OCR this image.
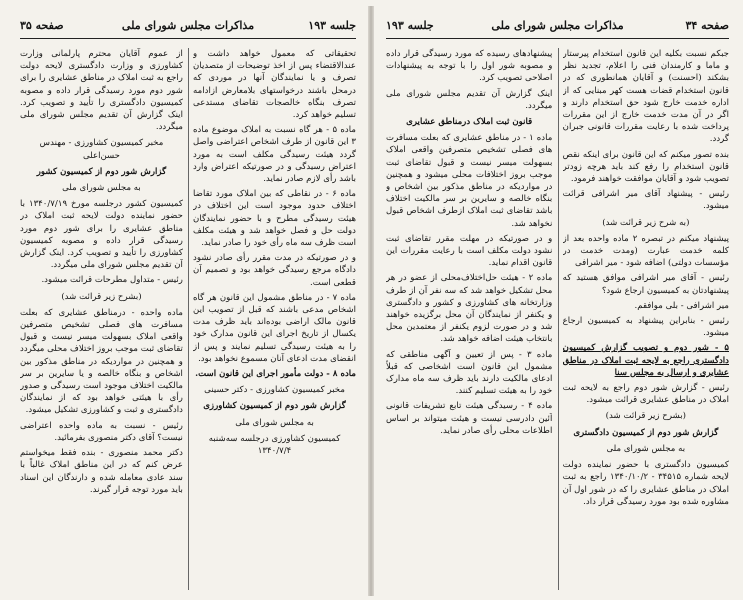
جلسه ۱۹۳
مذاکرات مجلس شورای ملی
صفحه ۳۵

تحقیقاتی که معمول خواهد داشت و عندالاقتضاء پس از اخذ توضیحات از متصدیان تصرف و یا نمایندگان آنها در موردی که درمحل باشند درخواستهای بلامعارض ازادامه تصرف بنگاه خالصجات تقاضای مستدعی تسلیم خواهد کرد.

ماده ۵ - هر گاه نسبت به املاک موضوع ماده ۳ این قانون از طرف اشخاص اعتراضی واصل گردد هیئت رسیدگی مکلف است به مورد اعتراض رسیدگی و در صورتیکه اعتراض وارد باشد رأی لازم صادر نماید.

ماده ۶ - در نقاطی که بین املاک مورد تقاضا اختلاف حدود موجود است این اختلاف در هیئت رسیدگی مطرح و با حضور نمایندگان دولت حل و فصل خواهد شد و هیئت مکلف است ظرف سه ماه رأی خود را صادر نماید.

و در صورتیکه در مدت مقرر رأی صادر نشود دادگاه مرجع رسیدگی خواهد بود و تصمیم آن قطعی است.

ماده ۷ - در مناطق مشمول این قانون هر گاه اشخاص مدعی باشند که قبل از تصویب این قانون مالک اراضی بوده‌اند باید ظرف مدت یکسال از تاریخ اجرای این قانون مدارک خود را به هیئت رسیدگی تسلیم نمایند و پس از انقضای مدت ادعای آنان مسموع نخواهد بود.

ماده ۸ - دولت مأمور اجرای این قانون است.

مخبر کمیسیون کشاورزی - دکتر حسینی

گزارش شور دوم از کمیسیون کشاورزی

به مجلس شورای ملی

کمیسیون کشاورزی درجلسه سه‌شنبه ۱۳۴۰/۷/۴

از عموم آقایان محترم پارلمانی وزارت کشاورزی و وزارت دادگستری لایحه دولت راجع به ثبت املاک در مناطق عشایری را برای شور دوم مورد رسیدگی قرار داده و مصوبه کمیسیون دادگستری را تأیید و تصویب کرد. اینک گزارش آن تقدیم مجلس شورای ملی میگردد.

مخبر کمیسیون کشاورزی - مهندس حسن‌اعلی

گزارش شور دوم از کمیسیون کشور

به مجلس شورای ملی

کمیسیون کشور درجلسه مورخ ۱۳۴۰/۷/۱۹ با حضور نماینده دولت لایحه ثبت املاک در مناطق عشایری را برای شور دوم مورد رسیدگی قرار داده و مصوبه کمیسیون کشاورزی را تأیید و تصویب کرد. اینک گزارش آن تقدیم مجلس شورای ملی میگردد.

رئیس - متداول مطرحات قرائت میشود.

(بشرح زیر قرائت شد)

ماده واحده - درمناطق عشایری که بعلت مسافرت های فصلی تشخیص متصرفین واقعی املاک بسهولت میسر نیست و قبول تقاضای ثبت موجب بروز اختلاف محلی میگردد و همچنین در مواردیکه در مناطق مذکور بین اشخاص و بنگاه خالصه و یا سایرین بر سر مالکیت اختلاف موجود است رسیدگی و صدور رأی با هیئتی خواهد بود که از نمایندگان دادگستری و ثبت و کشاورزی تشکیل میشود.

رئیس - نسبت به ماده واحده اعتراضی نیست؟ آقای دکتر منصوری بفرمائید.

دکتر محمد منصوری - بنده فقط میخواستم عرض کنم که در این مناطق املاک غالباً با سند عادی معامله شده و دارندگان این اسناد باید مورد توجه قرار گیرند.

صفحه ۳۴
مذاکرات مجلس شورای ملی
جلسه ۱۹۳

جبکم نسبت بکلیه این قانون استخدام پیرستار و ماما و کارمندان فنی را اعلام، تجدید نظر بشکند (احسنت) و آقایان همانطوری که در قانون استخدام قضات هست کهر مبنایی که از اداره خدمت خارج شود حق استخدام دارند و اگر در آن مدت خدمت خارج از این مقررات پرداخت شده با رعایت مقررات قانونی جبران گردد.

بنده تصور میکنم که این قانون برای اینکه نقص قانون استخدام را رفع کند باید هرچه زودتر تصویب شود و آقایان موافقت خواهند فرمود.

رئیس - پیشنهاد آقای میر اشرافی قرائت میشود.

(به شرح زیر قرائت شد)

پیشنهاد میکنم در تبصره ۲ ماده واحده بعد از کلمه خدمت عبارت (ومدت خدمت در مؤسسات دولتی) اضافه شود - میر اشرافی

رئیس - آقای میر اشرافی موافق هستید که پیشنهادتان به کمیسیون ارجاع شود؟

میر اشرافی - بلی موافقم.

رئیس - بنابراین پیشنهاد به کمیسیون ارجاع میشود.

۵ - شور دوم و تصویب گزارش کمیسیون دادگستری راجع به لایحه ثبت املاک در مناطق عشایری و ارسال به مجلس سنا

رئیس - گزارش شور دوم راجع به لایحه ثبت املاک در مناطق عشایری قرائت میشود.

(بشرح زیر قرائت شد)

گزارش شور دوم از کمیسیون دادگستری

به مجلس شورای ملی

کمیسیون دادگستری با حضور نماینده دولت لایحه شماره ۳۴۵۱۵ - ۱۳۴۰/۱۰/۲ راجع به ثبت املاک در مناطق عشایری را که در شور اول آن مشاوره شده بود مورد رسیدگی قرار داد.

پیشنهادهای رسیده که مورد رسیدگی قرار داده و مصوبه شور اول را با توجه به پیشنهادات اصلاحی تصویب کرد.

اینک گزارش آن تقدیم مجلس شورای ملی میگردد.

قانون ثبت املاک درمناطق عشایری

ماده ۱ - در مناطق عشایری که بعلت مسافرت های فصلی تشخیص متصرفین واقعی املاک بسهولت میسر نیست و قبول تقاضای ثبت موجب بروز اختلافات محلی میشود و همچنین در مواردیکه در مناطق مذکور بین اشخاص و بنگاه خالصه و سایرین بر سر مالکیت اختلاف باشد تقاضای ثبت املاک ازطرف اشخاص قبول نخواهد شد.

و در صورتیکه در مهلت مقرر تقاضای ثبت نشود دولت مکلف است با رعایت مقررات این قانون اقدام نماید.

ماده ۲ - هیئت حل‌اختلاف‌محلی از عضو در هر محل تشکیل خواهد شد که سه نفر آن از طرف وزارتخانه های کشاورزی و کشور و دادگستری و یکنفر از نمایندگان آن محل برگزیده خواهند شد و در صورت لزوم یکنفر از معتمدین محل بانتخاب هیئت اضافه خواهد شد.

ماده ۳ - پس از تعیین و آگهی مناطقی که مشمول این قانون است اشخاصی که قبلاً ادعای مالکیت دارند باید ظرف سه ماه مدارک خود را به هیئت تسلیم کنند.

ماده ۴ - رسیدگی هیئت تابع تشریفات قانونی آئین دادرسی نیست و هیئت میتواند بر اساس اطلاعات محلی رأی صادر نماید.
